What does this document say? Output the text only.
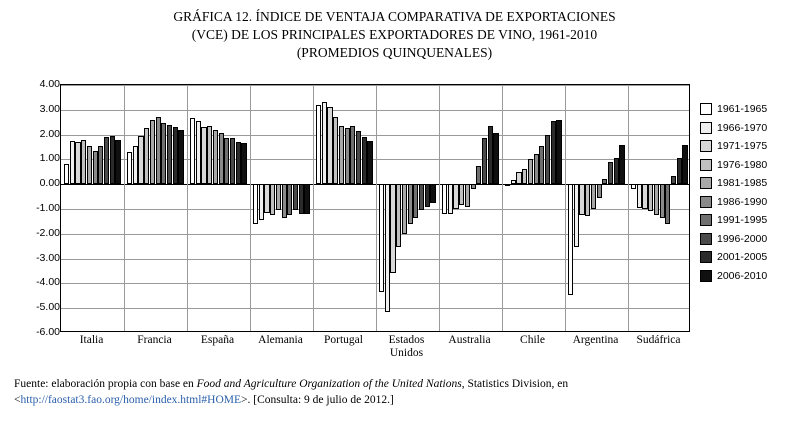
GRÁFICA 12. ÍNDICE DE VENTAJA COMPARATIVA DE EXPORTACIONES
(VCE) DE LOS PRINCIPALES EXPORTADORES DE VINO, 1961-2010
(PROMEDIOS QUINQUENALES)
4.00
3.00
2.00
1.00
0.00
-1.00
-2.00
-3.00
-4.00
-5.00
-6.00
Italia	Francia	España	Alemania	Portugal	Estados Unidos
Australia	Chile	Argentina	Sudáfrica
1961-1965
1966-1970
1971-1975
1976-1980
1981-1985
1986-1990
1991-1995
1996-2000
2001-2005
2006-2010
Fuente: elaboración propia con base en Food and Agriculture Organization of the United Nations, Statistics Division, en <http://faostat3.fao.org/home/index.html#HOME>. [Consulta: 9 de julio de 2012.]
